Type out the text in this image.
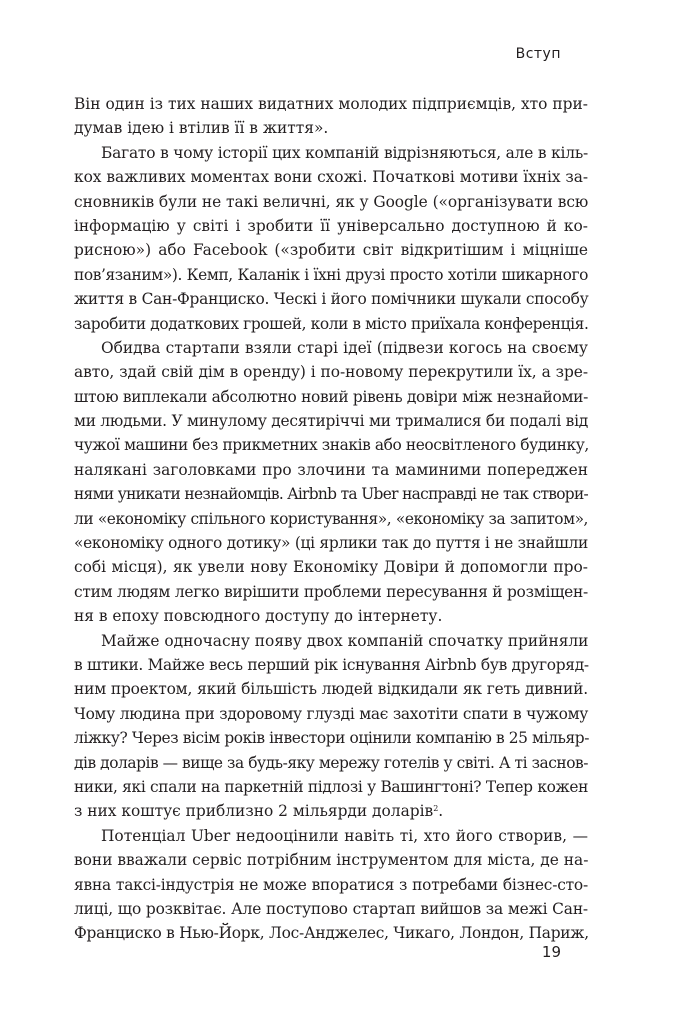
Вступ
Він один із тих наших видатних молодих підприємців, хто при-
думав ідею і втілив її в життя».
Багато в чому історії цих компаній відрізняються, але в кіль-
кох важливих моментах вони схожі. Початкові мотиви їхніх за-
сновників були не такі величні, як у Google («організувати всю
інформацію у світі і зробити її універсально доступною й ко-
рисною») або Facebook («зробити світ відкритішим і міцніше
пов’язаним»). Кемп, Каланік і їхні друзі просто хотіли шикарного
життя в Сан-Франциско. Ческі і його помічники шукали способу
заробити додаткових грошей, коли в місто приїхала конференція.
Обидва стартапи взяли старі ідеї (підвези когось на своєму
авто, здай свій дім в оренду) і по-новому перекрутили їх, а зре-
штою виплекали абсолютно новий рівень довіри між незнайоми-
ми людьми. У минулому десятиріччі ми трималися би подалі від
чужої машини без прикметних знаків або неосвітленого будинку,
налякані заголовками про злочини та маминими попереджен
нями уникати незнайомців. Airbnb та Uber насправді не так створи-
ли «економіку спільного користування», «економіку за запитом»,
«економіку одного дотику» (ці ярлики так до пуття і не знайшли
собі місця), як увели нову Економіку Довіри й допомогли про-
стим людям легко вирішити проблеми пересування й розміщен-
ня в епоху повсюдного доступу до інтернету.
Майже одночасну появу двох компаній спочатку прийняли
в штики. Майже весь перший рік існування Airbnb був другоряд-
ним проектом, який більшість людей відкидали як геть дивний.
Чому людина при здоровому глузді має захотіти спати в чужому
ліжку? Через вісім років інвестори оцінили компанію в 25 мільяр-
дів доларів — вище за будь-яку мережу готелів у світі. А ті заснов-
ники, які спали на паркетній підлозі у Вашингтоні? Тепер кожен
з них коштує приблизно 2 мільярди доларів$^2$.
Потенціал Uber недооцінили навіть ті, хто його створив, —
вони вважали сервіс потрібним інструментом для міста, де на-
явна таксі-індустрія не може впоратися з потребами бізнес-сто-
лиці, що розквітає. Але поступово стартап вийшов за межі Сан-
Франциско в Нью-Йорк, Лос-Анджелес, Чикаго, Лондон, Париж,
19
